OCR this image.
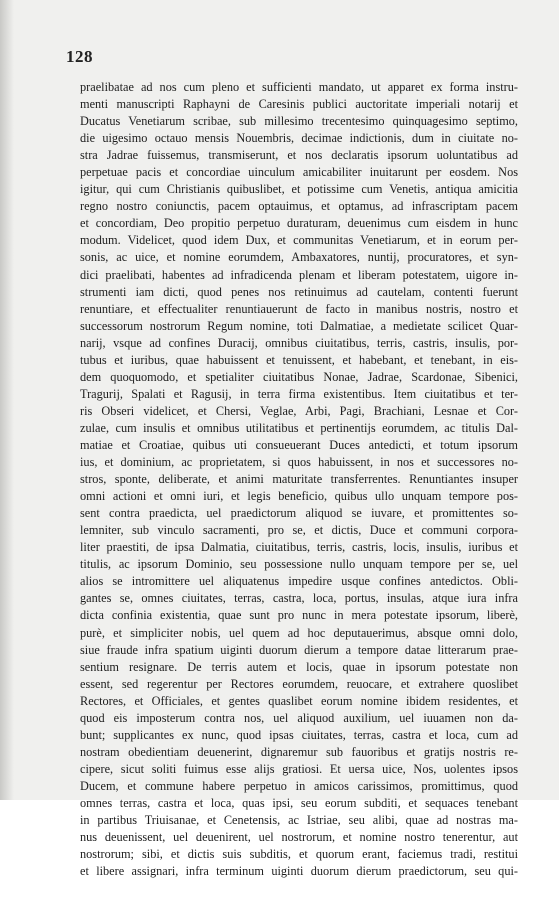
128
praelibatae ad nos cum pleno et sufficienti mandato, ut apparet ex forma instru-
menti manuscripti Raphayni de Caresinis publici auctoritate imperiali notarij et
Ducatus Venetiarum scribae, sub millesimo trecentesimo quinquagesimo septimo,
die uigesimo octauo mensis Nouembris, decimae indictionis, dum in ciuitate no-
stra Jadrae fuissemus, transmiserunt, et nos declaratis ipsorum uoluntatibus ad
perpetuae pacis et concordiae uinculum amicabiliter inuitarunt per eosdem. Nos
igitur, qui cum Christianis quibuslibet, et potissime cum Venetis, antiqua amicitia
regno nostro coniunctis, pacem optauimus, et optamus, ad infrascriptam pacem
et concordiam, Deo propitio perpetuo duraturam, deuenimus cum eisdem in hunc
modum. Videlicet, quod idem Dux, et communitas Venetiarum, et in eorum per-
sonis, ac uice, et nomine eorumdem, Ambaxatores, nuntij, procuratores, et syn-
dici praelibati, habentes ad infradicenda plenam et liberam potestatem, uigore in-
strumenti iam dicti, quod penes nos retinuimus ad cautelam, contenti fuerunt
renuntiare, et effectualiter renuntiauerunt de facto in manibus nostris, nostro et
successorum nostrorum Regum nomine, toti Dalmatiae, a medietate scilicet Quar-
narij, vsque ad confines Duracij, omnibus ciuitatibus, terris, castris, insulis, por-
tubus et iuribus, quae habuissent et tenuissent, et habebant, et tenebant, in eis-
dem quoquomodo, et spetialiter ciuitatibus Nonae, Jadrae, Scardonae, Sibenici,
Tragurij, Spalati et Ragusij, in terra firma existentibus. Item ciuitatibus et ter-
ris Obseri videlicet, et Chersi, Veglae, Arbi, Pagi, Brachiani, Lesnae et Cor-
zulae, cum insulis et omnibus utilitatibus et pertinentijs eorumdem, ac titulis Dal-
matiae et Croatiae, quibus uti consueuerant Duces antedicti, et totum ipsorum
ius, et dominium, ac proprietatem, si quos habuissent, in nos et successores no-
stros, sponte, deliberate, et animi maturitate transferrentes. Renuntiantes insuper
omni actioni et omni iuri, et legis beneficio, quibus ullo unquam tempore pos-
sent contra praedicta, uel praedictorum aliquod se iuvare, et promittentes so-
lemniter, sub vinculo sacramenti, pro se, et dictis, Duce et communi corpora-
liter praestiti, de ipsa Dalmatia, ciuitatibus, terris, castris, locis, insulis, iuribus et
titulis, ac ipsorum Dominio, seu possessione nullo unquam tempore per se, uel
alios se intromittere uel aliquatenus impedire usque confines antedictos. Obli-
gantes se, omnes ciuitates, terras, castra, loca, portus, insulas, atque iura infra
dicta confinia existentia, quae sunt pro nunc in mera potestate ipsorum, liberè,
purè, et simpliciter nobis, uel quem ad hoc deputauerimus, absque omni dolo,
siue fraude infra spatium uiginti duorum dierum a tempore datae litterarum prae-
sentium resignare. De terris autem et locis, quae in ipsorum potestate non
essent, sed regerentur per Rectores eorumdem, reuocare, et extrahere quoslibet
Rectores, et Officiales, et gentes quaslibet eorum nomine ibidem residentes, et
quod eis imposterum contra nos, uel aliquod auxilium, uel iuuamen non da-
bunt; supplicantes ex nunc, quod ipsas ciuitates, terras, castra et loca, cum ad
nostram obedientiam deuenerint, dignaremur sub fauoribus et gratijs nostris re-
cipere, sicut soliti fuimus esse alijs gratiosi. Et uersa uice, Nos, uolentes ipsos
Ducem, et commune habere perpetuo in amicos carissimos, promittimus, quod
omnes terras, castra et loca, quas ipsi, seu eorum subditi, et sequaces tenebant
in partibus Triuisanae, et Cenetensis, ac Istriae, seu alibi, quae ad nostras ma-
nus deuenissent, uel deuenirent, uel nostrorum, et nomine nostro tenerentur, aut
nostrorum; sibi, et dictis suis subditis, et quorum erant, faciemus tradi, restitui
et libere assignari, infra terminum uiginti duorum dierum praedictorum, seu qui-
